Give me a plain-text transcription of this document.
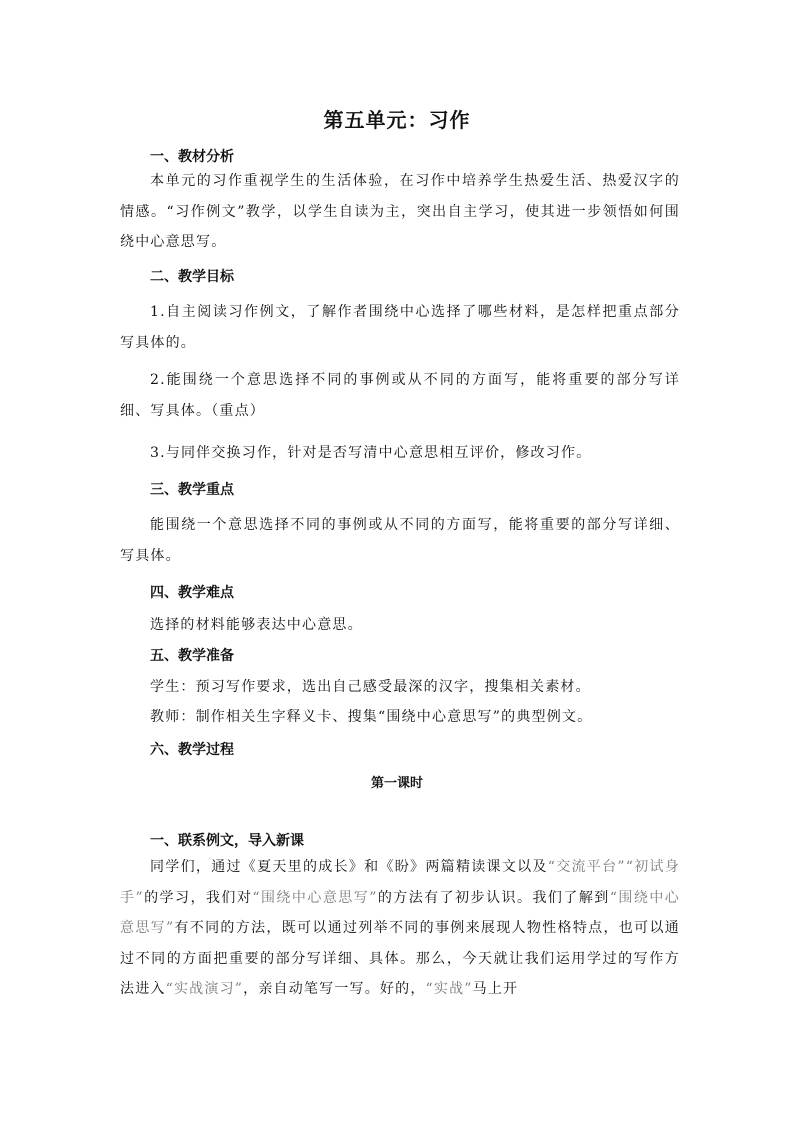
第五单元：习作
一、教材分析
本单元的习作重视学生的生活体验，在习作中培养学生热爱生活、热爱汉字的情感。“习作例文”教学，以学生自读为主，突出自主学习，使其进一步领悟如何围绕中心意思写。
二、教学目标
1.自主阅读习作例文，了解作者围绕中心选择了哪些材料，是怎样把重点部分写具体的。
2.能围绕一个意思选择不同的事例或从不同的方面写，能将重要的部分写详细、写具体。（重点）
3.与同伴交换习作，针对是否写清中心意思相互评价，修改习作。
三、教学重点
能围绕一个意思选择不同的事例或从不同的方面写，能将重要的部分写详细、写具体。
四、教学难点
选择的材料能够表达中心意思。
五、教学准备
学生：预习写作要求，选出自己感受最深的汉字，搜集相关素材。
教师：制作相关生字释义卡、搜集“围绕中心意思写”的典型例文。
六、教学过程
第一课时
一、联系例文，导入新课
同学们，通过《夏天里的成长》和《盼》两篇精读课文以及“交流平台”“初试身手”的学习，我们对“围绕中心意思写”的方法有了初步认识。我们了解到“围绕中心意思写”有不同的方法，既可以通过列举不同的事例来展现人物性格特点，也可以通过不同的方面把重要的部分写详细、具体。那么，今天就让我们运用学过的写作方法进入“实战演习”，亲自动笔写一写。好的，“实战”马上开
